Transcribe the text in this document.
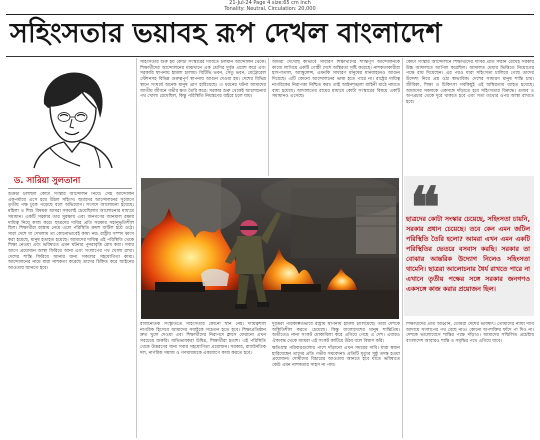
21-Jul-24 Page 4 size:65 cm inch
Tonality: Neutral, Circulation: 20,000
সহিংসতার ভয়াবহ রূপ দেখল বাংলাদেশ
ড. সারিয়া সুলতানা

শুক্রটা চলছিল কোটা সংস্কার আন্দোলন নিয়ে। সেই আন্দোলন একপর্যায়ে এসে হয়ে উঠল সহিংস। ছাত্রদের আন্দোলনের সুযোগে তৃতীয় পক্ষ ঢুকে পড়েছে বলে অভিযোগ। সংসদে আলোচনা হয়েছে। মহিলা ও শিশু বিষয়ক আমরা সকলেই চেয়েছিলাম আলোচনার মাধ্যমে সমাধান। একটি সরকার তার সুরক্ষায় এবং জনগণের জানমাল রক্ষার দায়িত্ব নিয়ে কাজ করে। ছাত্রদের দাবির প্রতি সরকার সহানুভূতিশীল ছিল। শিক্ষার্থীরা রাস্তায় নেমে এলে পরিস্থিতি ক্রমশ জটিল হয়ে ওঠে। সারা দেশে যা দেখলাম তা কোনোভাবেই কাম্য নয়। রাষ্ট্রীয় সম্পদ ধ্বংস করা হয়েছে, মানুষ হতাহত হয়েছে। আমাদের দায়িত্ব এই পরিস্থিতি থেকে শিক্ষা নেওয়া এবং ভবিষ্যতে এমন ঘটনার পুনরাবৃত্তি রোধ করা। সবার আগে প্রয়োজন আস্থা ফিরিয়ে আনা এবং সংলাপের পথ খোলা রাখা। দেশের শান্তি ফিরিয়ে আনার জন্য সকলের সহযোগিতা কাম্য। আন্দোলনের নামে যারা নাশকতা করেছে তাদের চিহ্নিত করে আইনের আওতায় আনতে হবে।

সহিংসতার শুরু হয় কোটা সংস্কারের দাবিতে চলমান আন্দোলন থেকে। শিক্ষার্থীদের আন্দোলনের মাঝখানে এক শ্রেণির দুর্বৃত্ত প্রবেশ করে এবং সরকারি স্থাপনায় হামলা চালায়। বিটিভি ভবন, সেতু ভবন, মেট্রোরেল স্টেশনসহ বিভিন্ন গুরুত্বপূর্ণ স্থাপনায় আগুন দেওয়া হয়। দেশের বিভিন্ন স্থানে সংঘর্ষে অনেক মানুষ প্রাণ হারিয়েছে। এ ধরনের ঘটনা আমাদের জাতীয় জীবনে গভীর ক্ষত তৈরি করে। সরকার শুরু থেকেই আলোচনার পথ খোলা রেখেছিল, কিন্তু পরিস্থিতি নিয়ন্ত্রণের বাইরে চলে যায়।

আমরা দেখেছি কীভাবে সাধারণ শিক্ষার্থীদের শান্তিপূর্ণ আন্দোলনকে কাজে লাগিয়ে একটি গোষ্ঠী দেশে অস্থিরতা সৃষ্টি করেছে। নাশকতাকারীরা হাসপাতাল, অ্যাম্বুলেন্স, এমনকি সাধারণ মানুষের যানবাহনেও আগুন দিয়েছে। এটি কোনো আন্দোলনের ভাষা হতে পারে না। রাষ্ট্রের দায়িত্ব নাগরিকের নিরাপত্তা নিশ্চিত করা। তাই আইনশৃঙ্খলা বাহিনী মাঠে নামতে বাধ্য হয়েছে। আদালতের রায়ের মাধ্যমে কোটা সংস্কারের বিষয়ে একটি সমাধানও এসেছে।

কোটা সংস্কার আন্দোলনে শিক্ষার্থীদের দাবির প্রতি সম্মান রেখেই সরকার উচ্চ আদালতে আপিল করেছিল। আদালত মেধার ভিত্তিতে নিয়োগের পক্ষে রায় দিয়েছেন। এর পরও যারা সহিংসতা চালিয়ে গেছে তাদের উদ্দেশ্য নিয়ে প্রশ্ন ওঠা স্বাভাবিক। দেশের সাধারণ মানুষ শান্তি চায়। জীবিকা, শিক্ষা ও চিকিৎসা সবকিছুই এই অস্থিরতায় ব্যাহত হয়েছে। আমাদের সকলকে একসঙ্গে দাঁড়াতে হবে সহিংসতার বিরুদ্ধে। গুজব ও অপপ্রচার থেকে দূরে থাকতে হবে এবং সত্য তথ্যের ওপর আস্থা রাখতে হবে।

❝
ছাত্রদের কোটা সংস্কার চেয়েছে, সহিংসতা চায়নি, সরকার প্রধান চেয়েছে। তবে কেন এমন জটিল পরিস্থিতি তৈরি হলো? আমরা এখন এমন একটি পরিস্থিতির ভেতরে বসবাস করছি। সরকার তা বোঝার আন্তরিক উদ্যোগ নিলেও সহিংসতা থামেনি। ছাত্ররা আলোচনার ধৈর্য রাখতে পারে না এখানে তৃতীয় পক্ষের সঙ্গে সরকার জনগণও একসঙ্গে কাজ করার প্রয়োজন ছিল।

রাজনৈতিক সংস্কৃতিতে সহিংসতার কোনো স্থান নেই। দায়িত্বশীল নাগরিক হিসেবে আমাদের সবাইকে সচেতন হতে হবে। শিক্ষাপ্রতিষ্ঠান দ্রুত খুলে দেওয়া এবং শিক্ষার্থীদের নিরাপদে ক্লাসে ফেরানো এখন সবচেয়ে জরুরি। অভিভাবকরা উদ্বিগ্ন, শিক্ষার্থীরা হতাশ। এই পরিস্থিতি থেকে উত্তরণের জন্য সবার সহযোগিতা প্রয়োজন। সরকার, রাজনৈতিক দল, নাগরিক সমাজ ও গণমাধ্যমকে একযোগে কাজ করতে হবে।

দুর্বৃত্তরা পরিকল্পিতভাবে রাষ্ট্রীয় স্থাপনায় হামলা চালিয়েছে। তারা দেশকে অস্থিতিশীল করতে চেয়েছে। কিন্তু বাংলাদেশের মানুষ শান্তিপ্রিয়। অতীতেও নানা সংকট মোকাবিলা করে এগিয়ে গেছে এ দেশ। এবারও ঐক্যবদ্ধ থেকে আমরা এই সংকট কাটিয়ে উঠব বলে বিশ্বাস করি।

ক্ষতিগ্রস্ত পরিবারগুলোর পাশে দাঁড়ানো এখন সময়ের দাবি। যারা স্বজন হারিয়েছেন তাদের প্রতি গভীর সমবেদনা। প্রতিটি মৃত্যুর সুষ্ঠু তদন্ত হওয়া প্রয়োজন। দোষীদের বিচারের আওতায় আনতে হবে যাতে ভবিষ্যতে কেউ এমন নাশকতার সাহস না পায়।

শিক্ষার্থীদের প্রতি আহ্বান, তোমরা দেশের ভবিষ্যৎ। তোমাদের ন্যায্য দাবি আদায়ে সংলাপের পথ বেছে নাও। কোনো অপশক্তির ফাঁদে পা দিও না। দেশকে ভালোবেসে শান্তির পক্ষে দাঁড়াও। আমাদের সম্মিলিত প্রচেষ্টায় বাংলাদেশ আবারও শান্তি ও সমৃদ্ধির পথে এগিয়ে যাবে।
